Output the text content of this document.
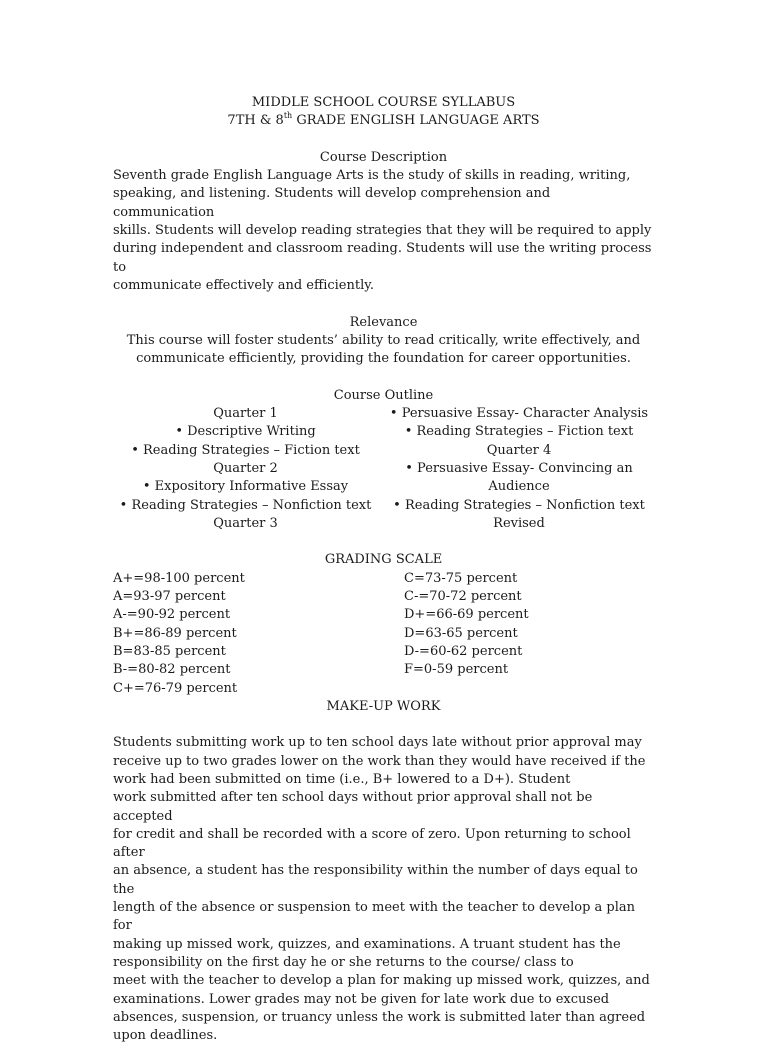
MIDDLE SCHOOL COURSE SYLLABUS
7TH & 8th GRADE ENGLISH LANGUAGE ARTS
Course Description
Seventh grade English Language Arts is the study of skills in reading, writing,
speaking, and listening. Students will develop comprehension and communication
skills. Students will develop reading strategies that they will be required to apply
during independent and classroom reading. Students will use the writing process to
communicate effectively and efficiently.
Relevance
This course will foster students’ ability to read critically, write effectively, and
communicate efficiently, providing the foundation for career opportunities.
Course Outline
Quarter 1
• Descriptive Writing
• Reading Strategies – Fiction text
Quarter 2
• Expository Informative Essay
• Reading Strategies – Nonfiction text
Quarter 3
• Persuasive Essay- Character Analysis
• Reading Strategies – Fiction text
Quarter 4
• Persuasive Essay- Convincing an
Audience
• Reading Strategies – Nonfiction text
Revised
GRADING SCALE
A+=98-100 percent
A=93-97 percent
A-=90-92 percent
B+=86-89 percent
B=83-85 percent
B-=80-82 percent
C+=76-79 percent
C=73-75 percent
C-=70-72 percent
D+=66-69 percent
D=63-65 percent
D-=60-62 percent
F=0-59 percent
MAKE-UP WORK
Students submitting work up to ten school days late without prior approval may
receive up to two grades lower on the work than they would have received if the
work had been submitted on time (i.e., B+ lowered to a D+). Student
work submitted after ten school days without prior approval shall not be accepted
for credit and shall be recorded with a score of zero. Upon returning to school after
an absence, a student has the responsibility within the number of days equal to the
length of the absence or suspension to meet with the teacher to develop a plan for
making up missed work, quizzes, and examinations. A truant student has the
responsibility on the first day he or she returns to the course/ class to
meet with the teacher to develop a plan for making up missed work, quizzes, and
examinations. Lower grades may not be given for late work due to excused
absences, suspension, or truancy unless the work is submitted later than agreed
upon deadlines.
